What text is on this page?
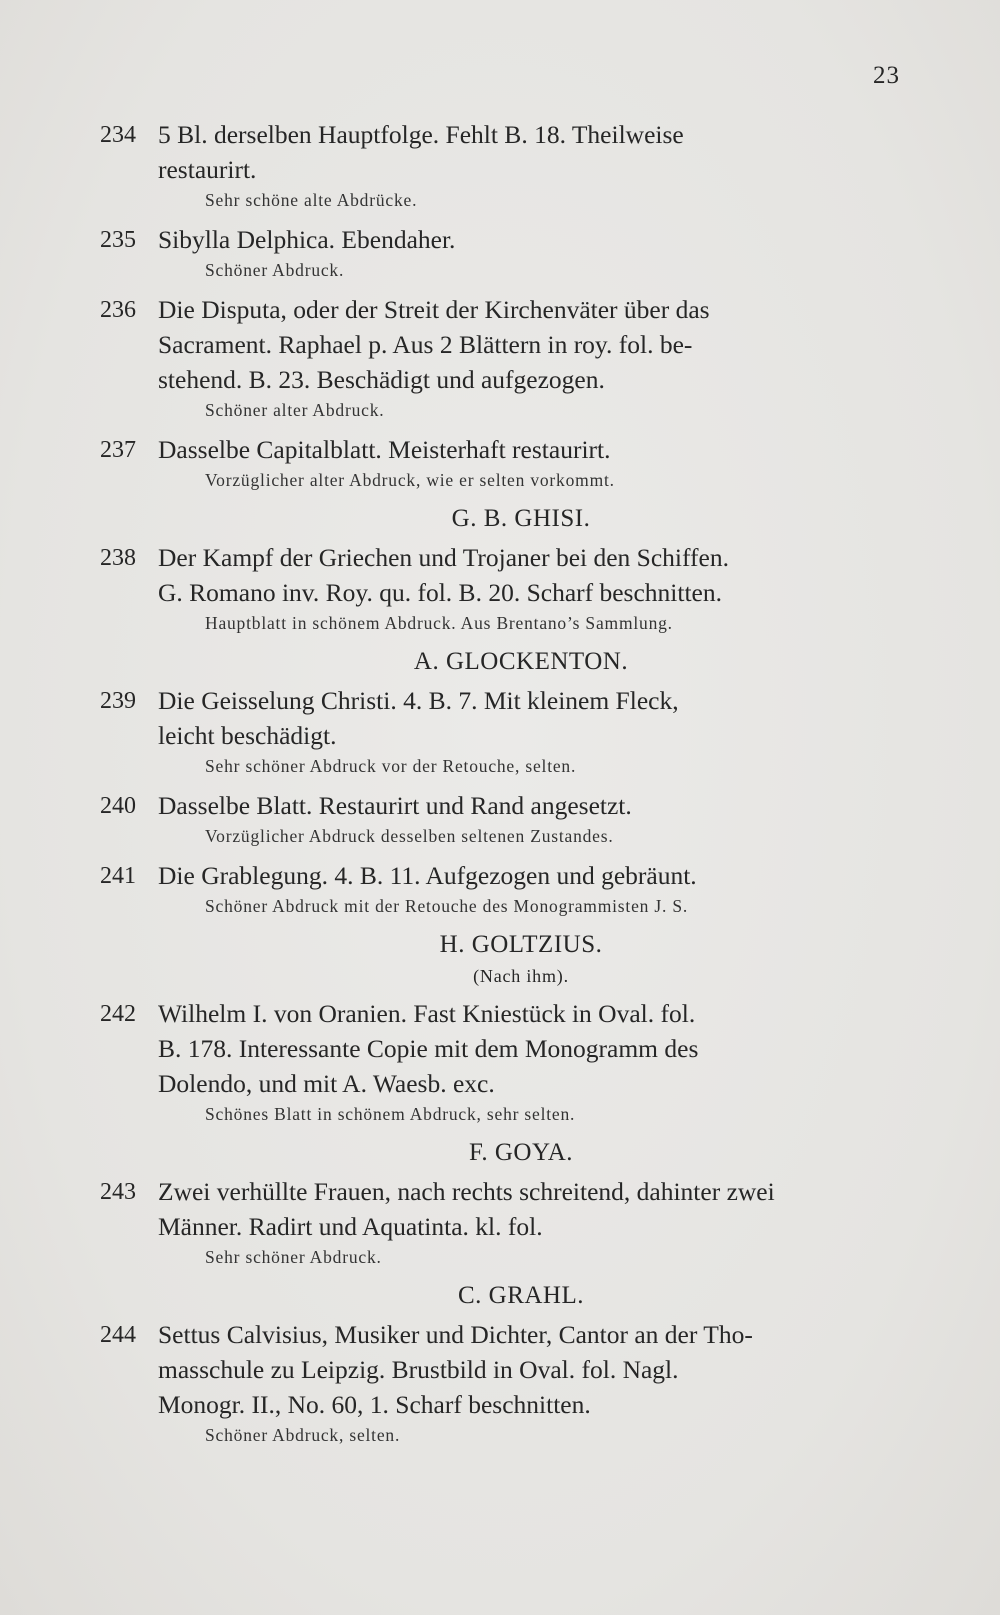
23
234 5 Bl. derselben Hauptfolge. Fehlt B. 18. Theilweise
restaurirt.
Sehr schöne alte Abdrücke.
235 Sibylla Delphica. Ebendaher.
Schöner Abdruck.
236 Die Disputa, oder der Streit der Kirchenväter über das
Sacrament. Raphael p. Aus 2 Blättern in roy. fol. be-
stehend. B. 23. Beschädigt und aufgezogen.
Schöner alter Abdruck.
237 Dasselbe Capitalblatt. Meisterhaft restaurirt.
Vorzüglicher alter Abdruck, wie er selten vorkommt.
G. B. GHISI.
238 Der Kampf der Griechen und Trojaner bei den Schiffen.
G. Romano inv. Roy. qu. fol. B. 20. Scharf beschnitten.
Hauptblatt in schönem Abdruck. Aus Brentano’s Sammlung.
A. GLOCKENTON.
239 Die Geisselung Christi. 4. B. 7. Mit kleinem Fleck,
leicht beschädigt.
Sehr schöner Abdruck vor der Retouche, selten.
240 Dasselbe Blatt. Restaurirt und Rand angesetzt.
Vorzüglicher Abdruck desselben seltenen Zustandes.
241 Die Grablegung. 4. B. 11. Aufgezogen und gebräunt.
Schöner Abdruck mit der Retouche des Monogrammisten J. S.
H. GOLTZIUS.
(Nach ihm).
242 Wilhelm I. von Oranien. Fast Kniestück in Oval. fol.
B. 178. Interessante Copie mit dem Monogramm des
Dolendo, und mit A. Waesb. exc.
Schönes Blatt in schönem Abdruck, sehr selten.
F. GOYA.
243 Zwei verhüllte Frauen, nach rechts schreitend, dahinter zwei
Männer. Radirt und Aquatinta. kl. fol.
Sehr schöner Abdruck.
C. GRAHL.
244 Settus Calvisius, Musiker und Dichter, Cantor an der Tho-
masschule zu Leipzig. Brustbild in Oval. fol. Nagl.
Monogr. II., No. 60, 1. Scharf beschnitten.
Schöner Abdruck, selten.
